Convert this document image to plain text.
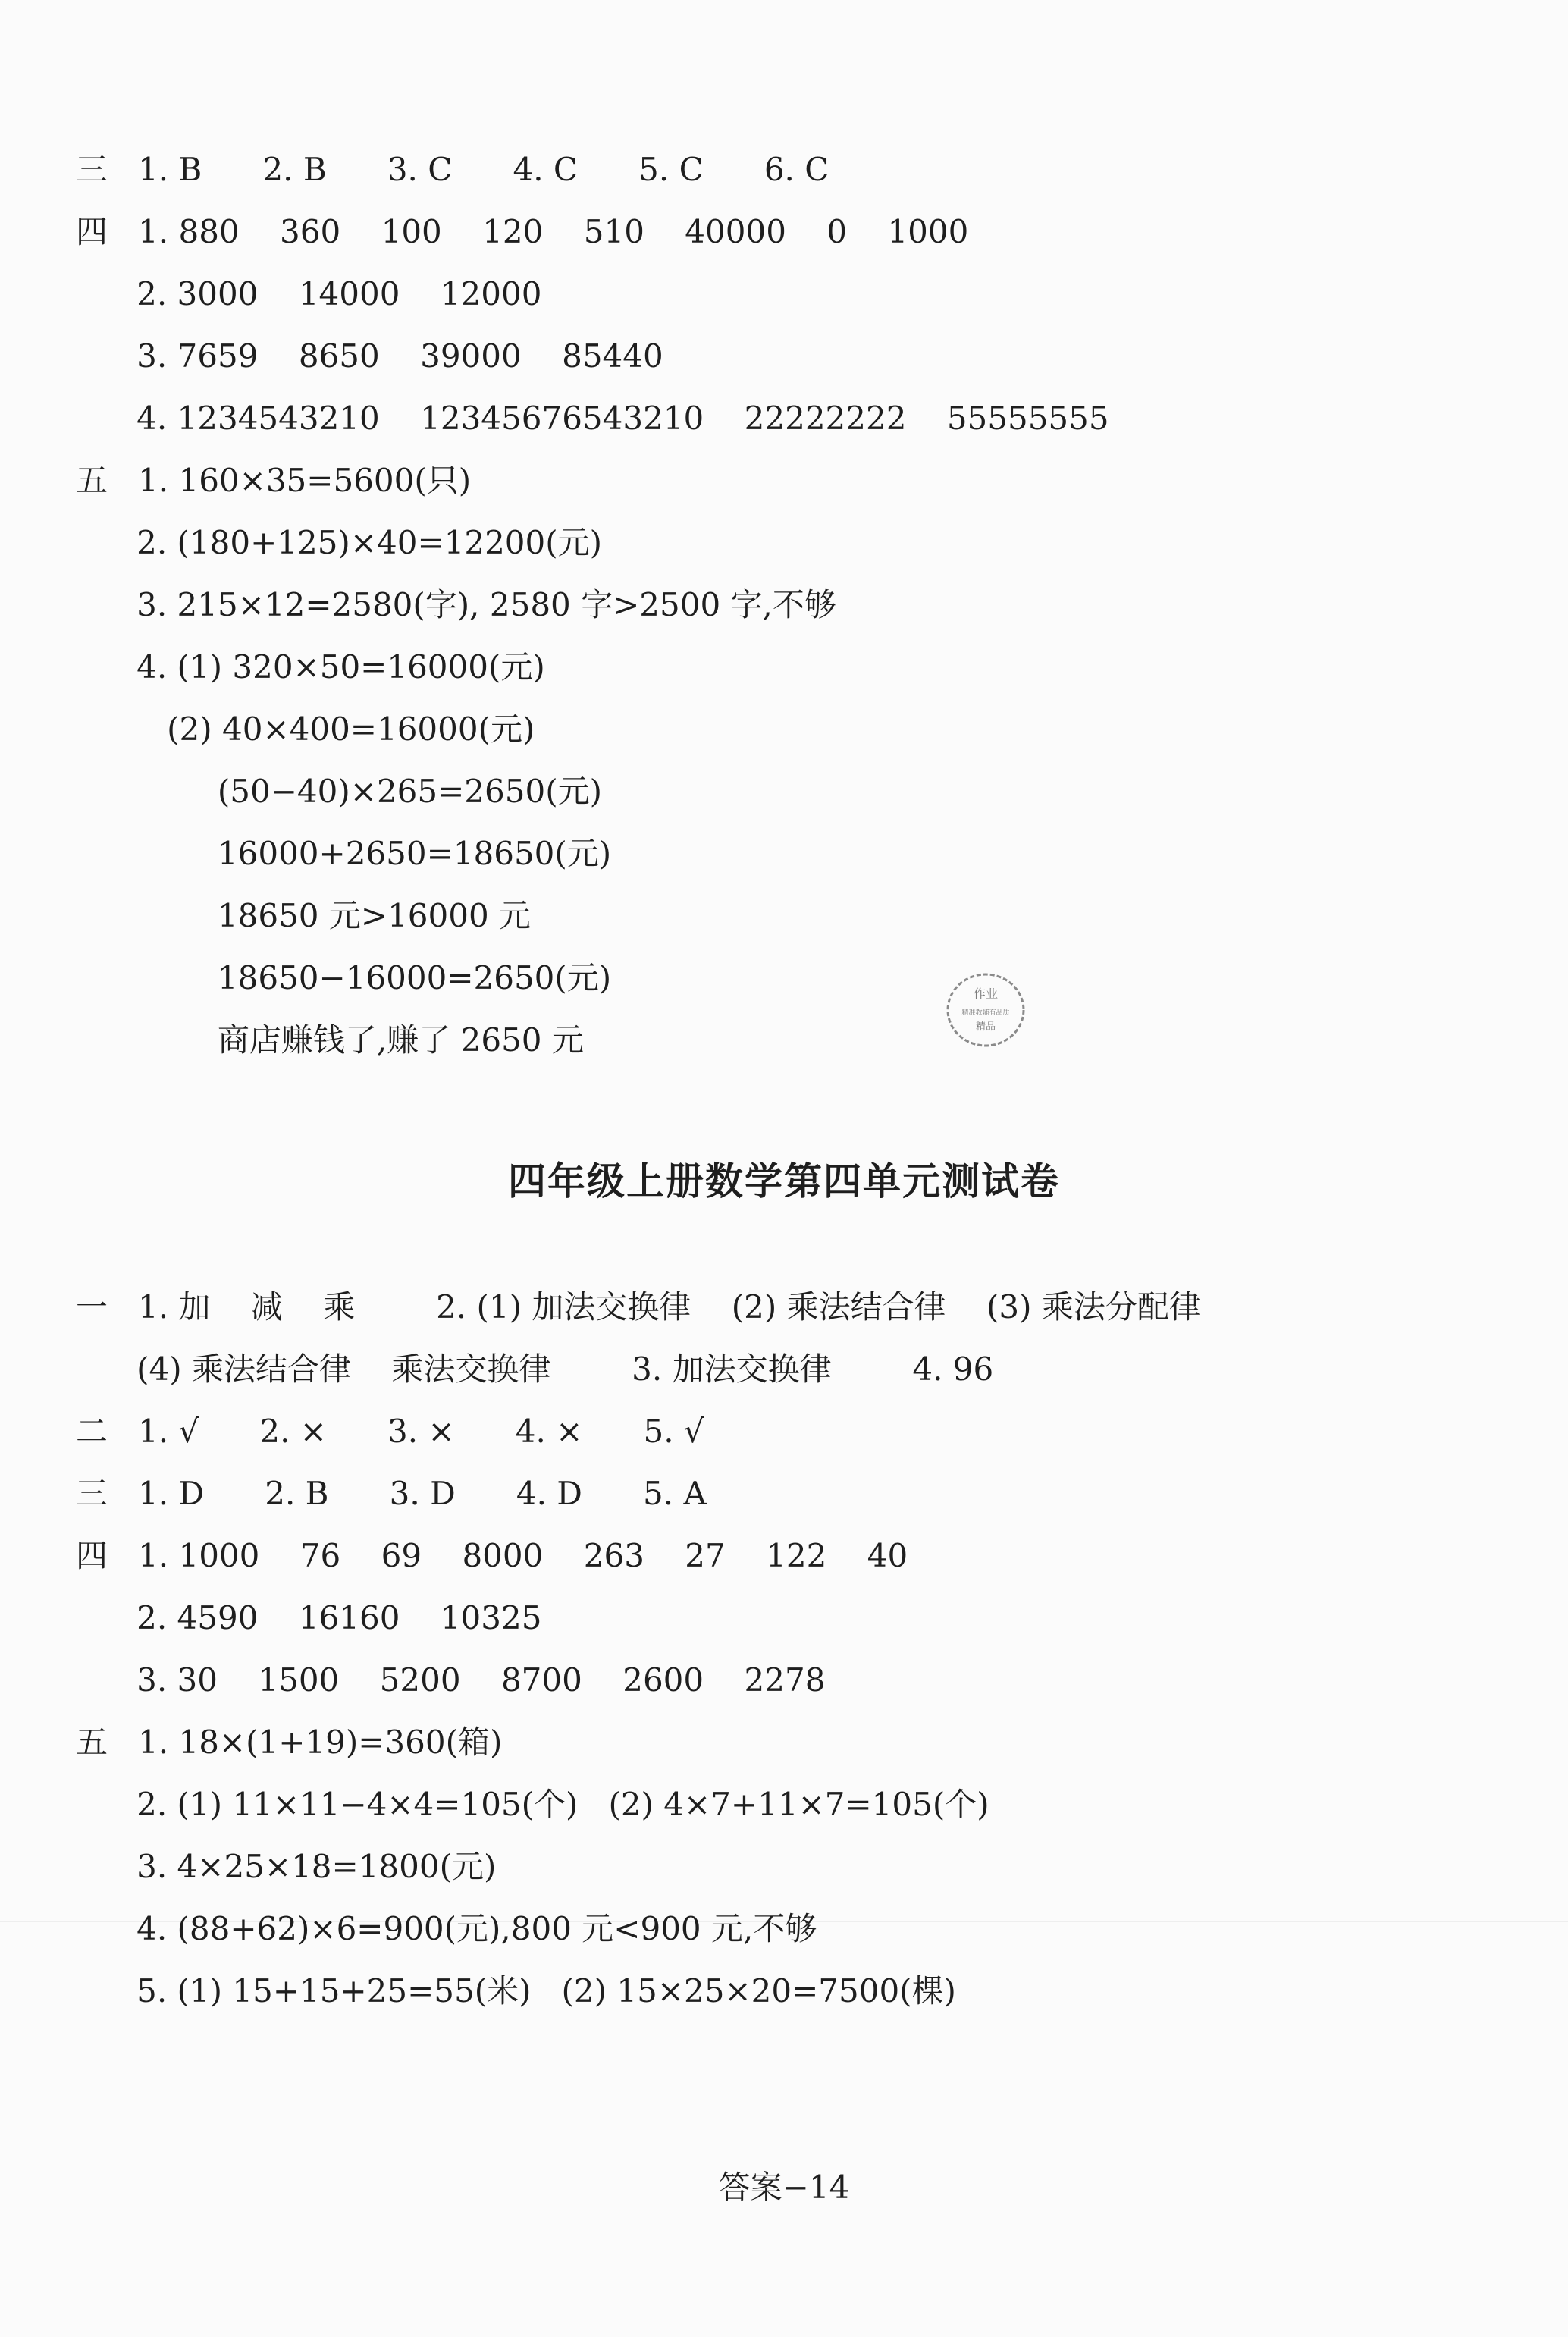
三   1. B      2. B      3. C      4. C      5. C      6. C
四   1. 880    360    100    120    510    40000    0    1000
2. 3000    14000    12000
3. 7659    8650    39000    85440
4. 1234543210    12345676543210    22222222    55555555
五   1. 160×35=5600(只)
2. (180+125)×40=12200(元)
3. 215×12=2580(字), 2580 字>2500 字,不够
4. (1) 320×50=16000(元)
(2) 40×400=16000(元)
(50−40)×265=2650(元)
16000+2650=18650(元)
18650 元>16000 元
18650−16000=2650(元)
商店赚钱了,赚了 2650 元
作业
精准教辅有品质
精品
四年级上册数学第四单元测试卷
一   1. 加    减    乘        2. (1) 加法交换律    (2) 乘法结合律    (3) 乘法分配律
(4) 乘法结合律    乘法交换律        3. 加法交换律        4. 96
二   1. √      2. ×      3. ×      4. ×      5. √
三   1. D      2. B      3. D      4. D      5. A
四   1. 1000    76    69    8000    263    27    122    40
2. 4590    16160    10325
3. 30    1500    5200    8700    2600    2278
五   1. 18×(1+19)=360(箱)
2. (1) 11×11−4×4=105(个)   (2) 4×7+11×7=105(个)
3. 4×25×18=1800(元)
4. (88+62)×6=900(元),800 元<900 元,不够
5. (1) 15+15+25=55(米)   (2) 15×25×20=7500(棵)
答案−14
